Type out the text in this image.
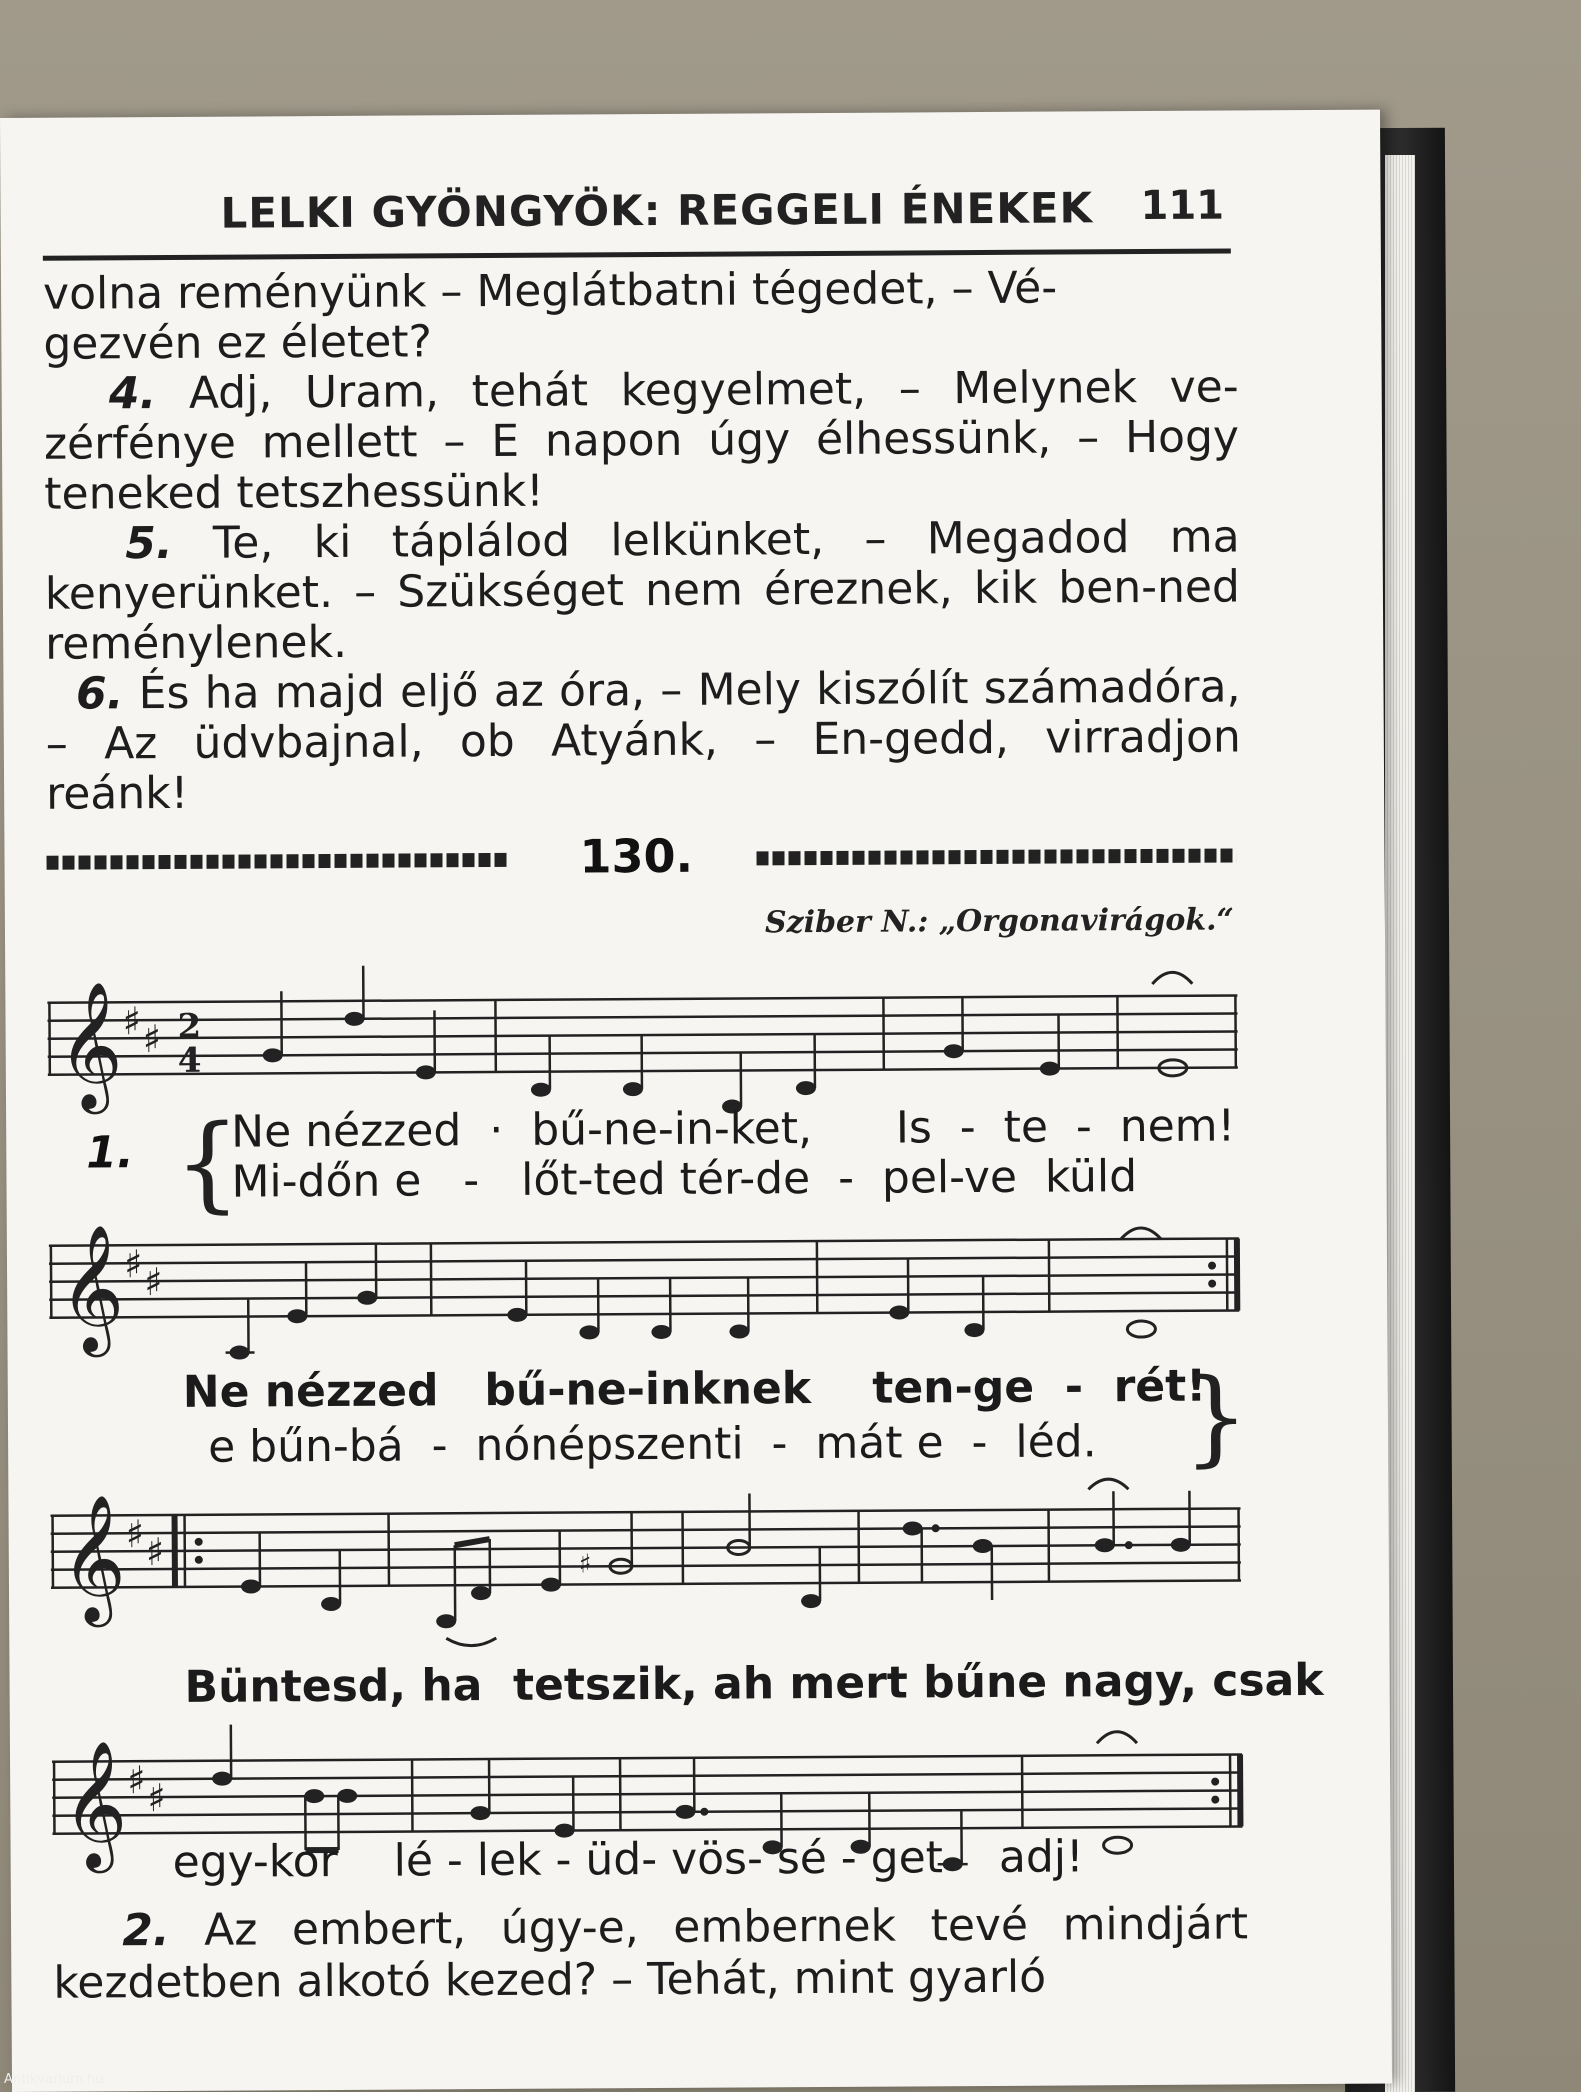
LELKI GYÖNGYÖK: REGGELI ÉNEKEK	111

volna reményünk – Meglátbatni tégedet, – Vé-

gezvén ez életet?

4. Adj, Uram, tehát kegyelmet, – Melynek ve-zérfénye mellett – E napon úgy élhessünk, – Hogy teneked tetszhessünk!

5. Te, ki táplálod lelkünket, – Megadod ma kenyerünket. – Szükséget nem éreznek, kik ben-ned reménylenek.

6. És ha majd eljő az óra, – Mely kiszólít számadóra, – Az üdvbajnal, ob Atyánk, – En-gedd, virradjon reánk!

130.
Sziber N.: „Orgonavirágok.“
𝄞 ♯ ♯ 2
4
1. {
Ne nézzed  ·  bű-ne-in-ket,      Is  -  te  -  nem!
Mi-dőn e   -   lőt-ted tér-de  -  pel-ve  küld
𝄞 ♯ ♯
Ne nézzed   bű-ne-inknek    ten-ge  -  rét!
e bűn-bá  -  nónépszenti  -  mát e  -  léd. }
𝄞 ♯ ♯	♯
Büntesd, ha  tetszik, ah mert bűne nagy, csak
𝄞 ♯ ♯
egy-kor    lé - lek - üd- vös- sé - get    adj!

2. Az embert, úgy-e, embernek tevé mindjárt kezdetben alkotó kezed? – Tehát, mint gyarló

Antikvarium.hu
